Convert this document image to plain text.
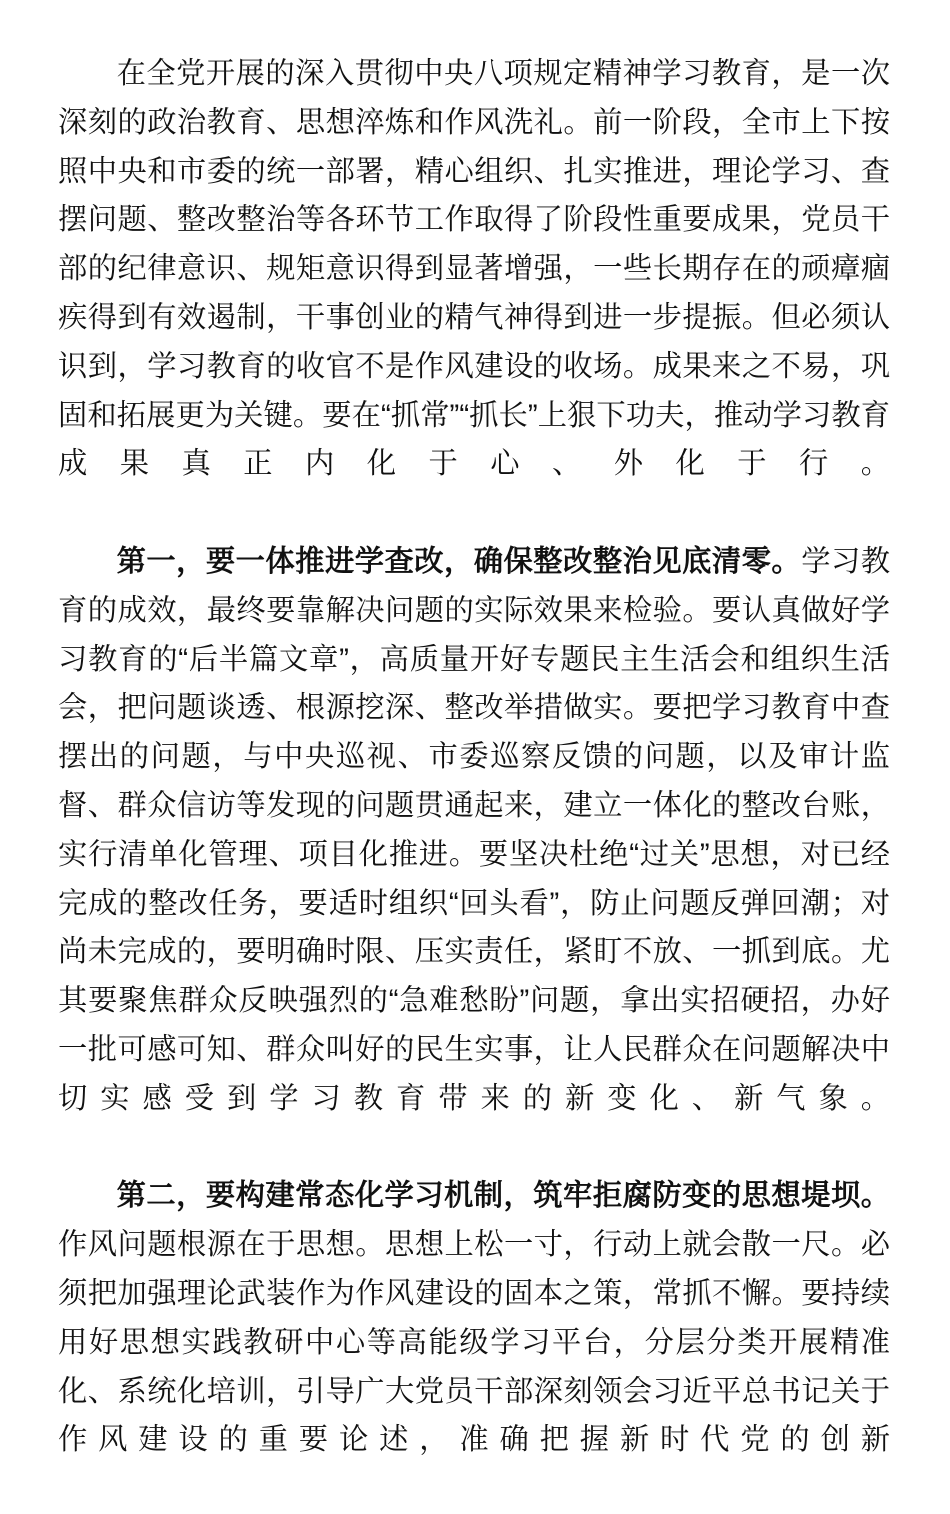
在全党开展的深入贯彻中央八项规定精神学习教育，是一次深刻的政治教育、思想淬炼和作风洗礼。前一阶段，全市上下按照中央和市委的统一部署，精心组织、扎实推进，理论学习、查摆问题、整改整治等各环节工作取得了阶段性重要成果，党员干部的纪律意识、规矩意识得到显著增强，一些长期存在的顽瘴痼疾得到有效遏制，干事创业的精气神得到进一步提振。但必须认识到，学习教育的收官不是作风建设的收场。成果来之不易，巩固和拓展更为关键。要在“抓常”“抓长”上狠下功夫，推动学习教育成果真正内化于心、外化于行。

第一，要一体推进学查改，确保整改整治见底清零。学习教育的成效，最终要靠解决问题的实际效果来检验。要认真做好学习教育的“后半篇文章”，高质量开好专题民主生活会和组织生活会，把问题谈透、根源挖深、整改举措做实。要把学习教育中查摆出的问题，与中央巡视、市委巡察反馈的问题，以及审计监督、群众信访等发现的问题贯通起来，建立一体化的整改台账，实行清单化管理、项目化推进。要坚决杜绝“过关”思想，对已经完成的整改任务，要适时组织“回头看”，防止问题反弹回潮；对尚未完成的，要明确时限、压实责任，紧盯不放、一抓到底。尤其要聚焦群众反映强烈的“急难愁盼”问题，拿出实招硬招，办好一批可感可知、群众叫好的民生实事，让人民群众在问题解决中切实感受到学习教育带来的新变化、新气象。

第二，要构建常态化学习机制，筑牢拒腐防变的思想堤坝。作风问题根源在于思想。思想上松一寸，行动上就会散一尺。必须把加强理论武装作为作风建设的固本之策，常抓不懈。要持续用好思想实践教研中心等高能级学习平台，分层分类开展精准化、系统化培训，引导广大党员干部深刻领会习近平总书记关于作风建设的重要论述，准确把握新时代党的创新
